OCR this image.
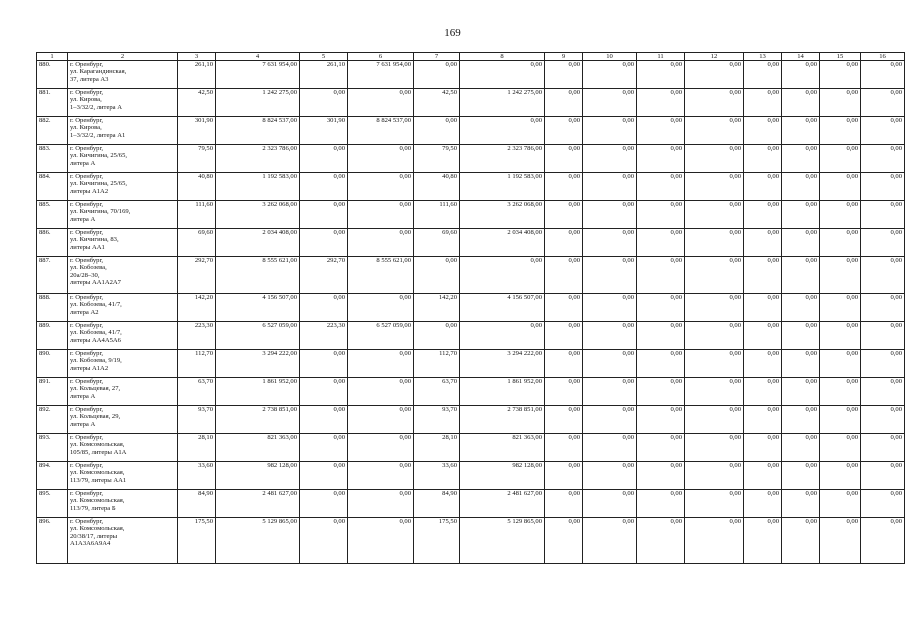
169
1	2	3	4	5	6	7	8	9	10	11	12	13	14	15	16
880.	г. Оренбург,
ул. Карагандинская,
37, литера А3	261,10	7 631 954,00	261,10	7 631 954,00	0,00	0,00	0,00	0,00	0,00	0,00	0,00	0,00	0,00	0,00
881.	г. Оренбург,
ул. Кирова,
1–3/32/2, литера А	42,50	1 242 275,00	0,00	0,00	42,50	1 242 275,00	0,00	0,00	0,00	0,00	0,00	0,00	0,00	0,00
882.	г. Оренбург,
ул. Кирова,
1–3/32/2, литера А1	301,90	8 824 537,00	301,90	8 824 537,00	0,00	0,00	0,00	0,00	0,00	0,00	0,00	0,00	0,00	0,00
883.	г. Оренбург,
ул. Кичигина, 25/65,
литера А	79,50	2 323 786,00	0,00	0,00	79,50	2 323 786,00	0,00	0,00	0,00	0,00	0,00	0,00	0,00	0,00
884.	г. Оренбург,
ул. Кичигина, 25/65,
литеры А1А2	40,80	1 192 583,00	0,00	0,00	40,80	1 192 583,00	0,00	0,00	0,00	0,00	0,00	0,00	0,00	0,00
885.	г. Оренбург,
ул. Кичигина, 70/169,
литера А	111,60	3 262 068,00	0,00	0,00	111,60	3 262 068,00	0,00	0,00	0,00	0,00	0,00	0,00	0,00	0,00
886.	г. Оренбург,
ул. Кичигина, 83,
литеры АА1	69,60	2 034 408,00	0,00	0,00	69,60	2 034 408,00	0,00	0,00	0,00	0,00	0,00	0,00	0,00	0,00
887.	г. Оренбург,
ул. Кобозева,
20а/28–30,
литеры АА1А2А7	292,70	8 555 621,00	292,70	8 555 621,00	0,00	0,00	0,00	0,00	0,00	0,00	0,00	0,00	0,00	0,00
888.	г. Оренбург,
ул. Кобозева, 41/7,
литера А2	142,20	4 156 507,00	0,00	0,00	142,20	4 156 507,00	0,00	0,00	0,00	0,00	0,00	0,00	0,00	0,00
889.	г. Оренбург,
ул. Кобозева, 41/7,
литеры АА4А5А6	223,30	6 527 059,00	223,30	6 527 059,00	0,00	0,00	0,00	0,00	0,00	0,00	0,00	0,00	0,00	0,00
890.	г. Оренбург,
ул. Кобозева, 9/19,
литеры А1А2	112,70	3 294 222,00	0,00	0,00	112,70	3 294 222,00	0,00	0,00	0,00	0,00	0,00	0,00	0,00	0,00
891.	г. Оренбург,
ул. Кольцевая, 27,
литера А	63,70	1 861 952,00	0,00	0,00	63,70	1 861 952,00	0,00	0,00	0,00	0,00	0,00	0,00	0,00	0,00
892.	г. Оренбург,
ул. Кольцевая, 29,
литера А	93,70	2 738 851,00	0,00	0,00	93,70	2 738 851,00	0,00	0,00	0,00	0,00	0,00	0,00	0,00	0,00
893.	г. Оренбург,
ул. Комсомольская,
105/85, литеры А1А	28,10	821 363,00	0,00	0,00	28,10	821 363,00	0,00	0,00	0,00	0,00	0,00	0,00	0,00	0,00
894.	г. Оренбург,
ул. Комсомольская,
113/79, литеры АА1	33,60	982 128,00	0,00	0,00	33,60	982 128,00	0,00	0,00	0,00	0,00	0,00	0,00	0,00	0,00
895.	г. Оренбург,
ул. Комсомольская,
113/79, литера Б	84,90	2 481 627,00	0,00	0,00	84,90	2 481 627,00	0,00	0,00	0,00	0,00	0,00	0,00	0,00	0,00
896.	г. Оренбург,
ул. Комсомольская,
20/38/17, литеры
А1А3А6А9А4	175,50	5 129 865,00	0,00	0,00	175,50	5 129 865,00	0,00	0,00	0,00	0,00	0,00	0,00	0,00	0,00
